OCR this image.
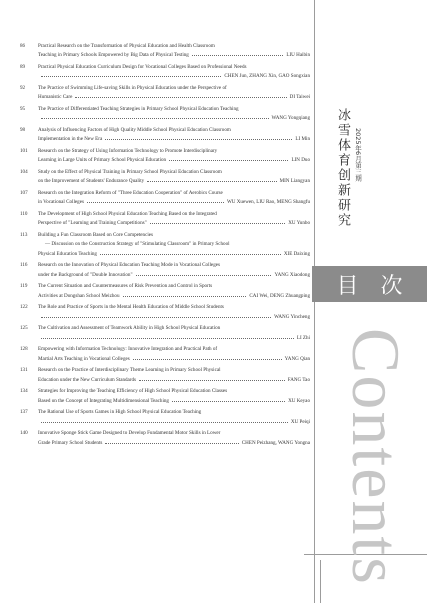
86	Practical Research on the Transformation of Physical Education and Health Classroom
Teaching in Primary Schools Empowered by Big Data of Physical Testing	LIU Haibin
89	Practical Physical Education Curriculum Design for Vocational Colleges Based on Professional Needs
CHEN Jun, ZHANG Xin, GAO Songxian
92	The Practice of Swimming Life-saving Skills in Physical Education under the Perspective of
Humanistic Care	DI Taiwei
95	The Practice of Differentiated Teaching Strategies in Primary School Physical Education Teaching
WANG Yongqiang
98	Analysis of Influencing Factors of High Quality Middle School Physical Education Classroom
Implementation in the New Era	LI Min
101 Research on the Strategy of Using Information Technology to Promote Interdisciplinary
Learning in Large Units of Primary School Physical Education	LIN Duo
104 Study on the Effect of Physical Training in Primary School Physical Education Classroom
on the Improvement of Students' Endurance Quality	MIN Liangyan
107 Research on the Integration Reform of "Three Education Cooperation" of Aerobics Course
in Vocational Colleges	WU Xuewen, LIU Rao, MENG Shangfu
110 The Development of High School Physical Education Teaching Based on the Integrated
Perspective of "Learning and Training Competitions"	XU Yunbo
113 Building a Fun Classroom Based on Core Competencies
— Discussion on the Construction Strategy of "Stimulating Classroom" in Primary School
Physical Education Teaching	XIE Daixing
116 Research on the Innovation of Physical Education Teaching Mode in Vocational Colleges
under the Background of "Double Innovation"	YANG Xiaodong
119 The Current Situation and Countermeasures of Risk Prevention and Control in Sports
Activities at Dongshan School Meizhou	CAI Wei, DENG Zhuangping
122 The Role and Practice of Sports in the Mental Health Education of Middle School Students
WANG Yincheng
125 The Cultivation and Assessment of Teamwork Ability in High School Physical Education
LI Zhi
128 Empowering with Information Technology: Innovative Integration and Practical Path of
Martial Arts Teaching in Vocational Colleges	YANG Qian
131 Research on the Practice of Interdisciplinary Theme Learning in Primary School Physical
Education under the New Curriculum Standards	FANG Tao
134 Strategies for Improving the Teaching Efficiency of High School Physical Education Classes
Based on the Concept of Integrating Multidimensional Teaching	XU Keyao
137 The Rational Use of Sports Games in High School Physical Education Teaching
XU Peiqi
140 Innovative Sponge Stick Game Designed to Develop Fundamental Motor Skills in Lower
Grade Primary School Students	CHEN Peizhang, WANG Yongna
冰雪体育创新研究 2025年6月第三期
目次
Contents
